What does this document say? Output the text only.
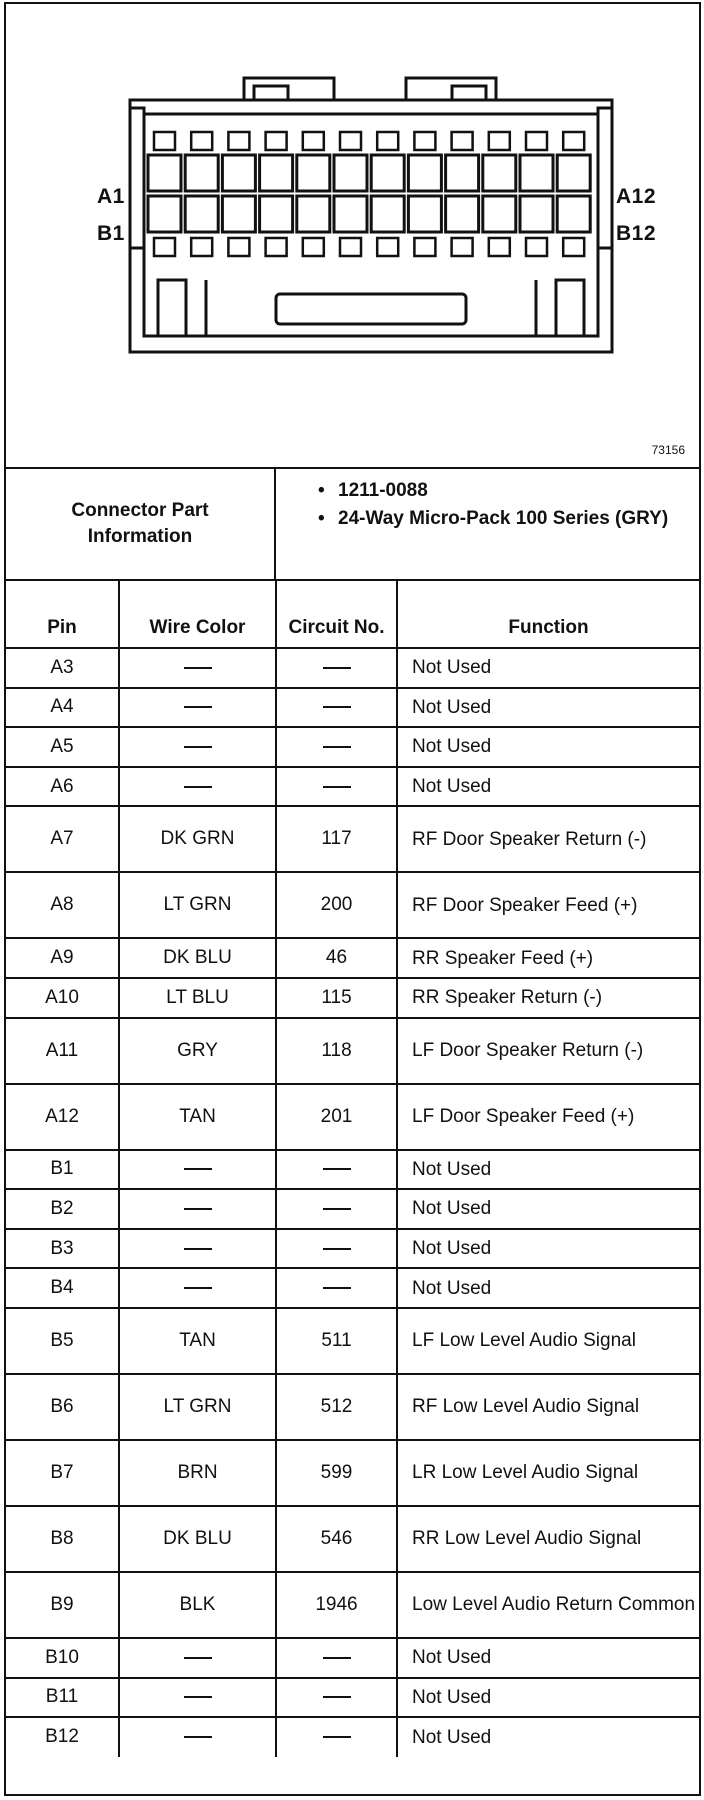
A1
B1
A12
B12
73156
Connector Part Information
• 1211-0088
• 24-Way Micro-Pack 100 Series (GRY)
Pin	Wire Color	Circuit No.	Function
A3			Not Used
A4			Not Used
A5			Not Used
A6			Not Used
A7	DK GRN	117	RF Door Speaker Return (-)
A8	LT GRN	200	RF Door Speaker Feed (+)
A9	DK BLU	46	RR Speaker Feed (+)
A10	LT BLU	115	RR Speaker Return (-)
A11	GRY	118	LF Door Speaker Return (-)
A12	TAN	201	LF Door Speaker Feed (+)
B1			Not Used
B2			Not Used
B3			Not Used
B4			Not Used
B5	TAN	511	LF Low Level Audio Signal
B6	LT GRN	512	RF Low Level Audio Signal
B7	BRN	599	LR Low Level Audio Signal
B8	DK BLU	546	RR Low Level Audio Signal
B9	BLK	1946	Low Level Audio Return Common
B10			Not Used
B11			Not Used
B12			Not Used
